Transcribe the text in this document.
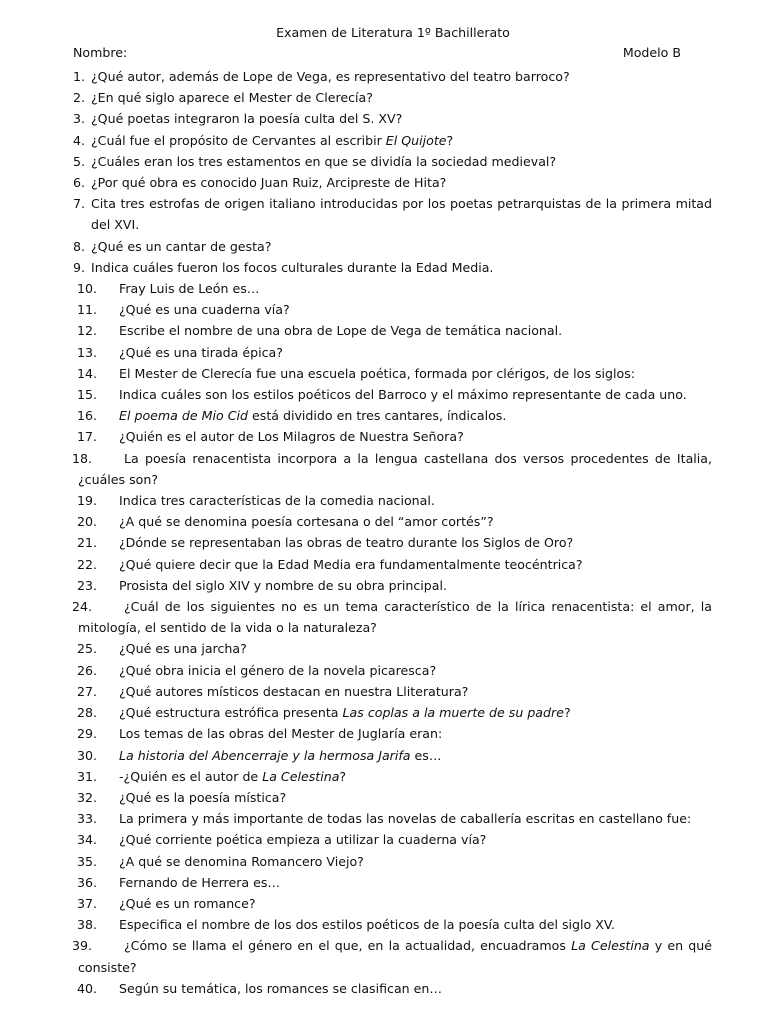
Examen de Literatura 1º Bachillerato
Nombre:	Modelo B
1. ¿Qué autor, además de Lope de Vega, es representativo del teatro barroco?
2. ¿En qué siglo aparece el Mester de Clerecía?
3. ¿Qué poetas integraron la poesía culta del S. XV?
4. ¿Cuál fue el propósito de Cervantes al escribir El Quijote?
5. ¿Cuáles eran los tres estamentos en que se dividía la sociedad medieval?
6. ¿Por qué obra es conocido Juan Ruiz, Arcipreste de Hita?
7. Cita tres estrofas de origen italiano introducidas por los poetas petrarquistas de la primera mitad del XVI.
8. ¿Qué es un cantar de gesta?
9. Indica cuáles fueron los focos culturales durante la Edad Media.
10.	Fray Luis de León es…
11.	¿Qué es una cuaderna vía?
12.	Escribe el nombre de una obra de Lope de Vega de temática nacional.
13.	¿Qué es una tirada épica?
14.	El Mester de Clerecía fue una escuela poética, formada por clérigos, de los siglos:
15.	Indica cuáles son los estilos poéticos del Barroco y el máximo representante de cada uno.
16.	El poema de Mio Cid está dividido en tres cantares, índicalos.
17.	¿Quién es el autor de Los Milagros de Nuestra Señora?
18.	La poesía renacentista incorpora a la lengua castellana dos versos procedentes de Italia, ¿cuáles son?
19.	Indica tres características de la comedia nacional.
20.	¿A qué se denomina poesía cortesana o del “amor cortés”?
21.	¿Dónde se representaban las obras de teatro durante los Siglos de Oro?
22.	¿Qué quiere decir que la Edad Media era fundamentalmente teocéntrica?
23.	Prosista del siglo XIV y nombre de su obra principal.
24.	¿Cuál de los siguientes no es un tema característico de la lírica renacentista: el amor, la mitología, el sentido de la vida o la naturaleza?
25.	¿Qué es una jarcha?
26.	¿Qué obra inicia el género de la novela picaresca?
27.	¿Qué autores místicos destacan en nuestra Lliteratura?
28.	¿Qué estructura estrófica presenta Las coplas a la muerte de su padre?
29.	Los temas de las obras del Mester de Juglaría eran:
30.	La historia del Abencerraje y la hermosa Jarifa es…
31.	-¿Quién es el autor de La Celestina?
32.	¿Qué es la poesía mística?
33.	La primera y más importante de todas las novelas de caballería escritas en castellano fue:
34.	¿Qué corriente poética empieza a utilizar la cuaderna vía?
35.	¿A qué se denomina Romancero Viejo?
36.	Fernando de Herrera es…
37.	¿Qué es un romance?
38.	Especifica el nombre de los dos estilos poéticos de la poesía culta del siglo XV.
39.	¿Cómo se llama el género en el que, en la actualidad, encuadramos La Celestina y en qué consiste?
40.	Según su temática, los romances se clasifican en…
